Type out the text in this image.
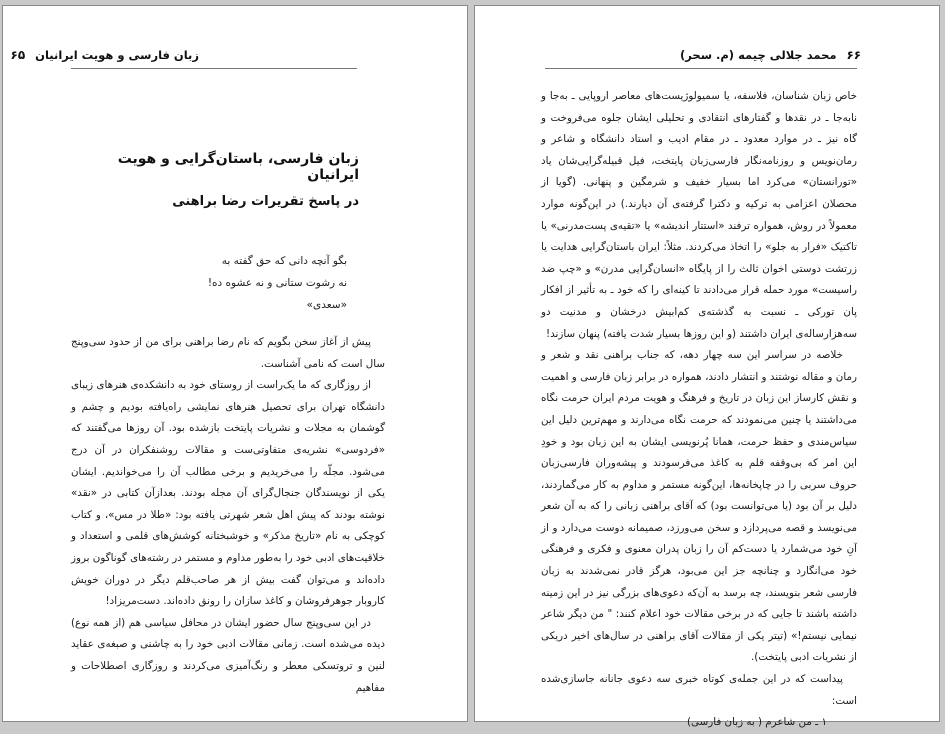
زبان فارسی و هویت ایرانیان
۶۵
زبان فارسی، باستان‌گرایی و هویت ایرانیان
در پاسخ تقریرات رضا براهنی
بگو آنچه دانی که حق گفته به
نه رشوت ستانی و نه عشوه ده!
«سعدی»

پیش از آغاز سخن بگویم که نام رضا براهنی برای من از حدود سی‌وپنج سال است که نامی آشناست.

از روزگاری که ما یک‌راست از روستای خود به دانشکده‌ی هنرهای زیبای دانشگاه تهران برای تحصیل هنرهای نمایشی راه‌یافته بودیم و چشم و گوشمان به مجلات و نشریات پایتخت بازشده بود. آن روزها می‌گفتند که «فردوسی» نشریه‌ی متفاوتی‌ست و مقالات روشنفکران در آن درج می‌شود. مجلّه را می‌خریدیم و برخی مطالب آن را می‌خواندیم. ایشان یکی از نویسندگان جنجال‌گرای آن مجله بودند. بعدازآن کتابی در «نقد» نوشته بودند که پیش اهل شعر شهرتی یافته بود: «طلا در مس»، و کتاب کوچکی به نام «تاریخ مذکر» و خوشبختانه کوشش‌های قلمی و استعداد و خلاقیت‌های ادبی خود را به‌طور مداوم و مستمر در رشته‌های گوناگون بروز داده‌اند و می‌توان گفت بیش از هر صاحب‌قلم دیگر در دوران خویش کاروبار جوهرفروشان و کاغذ سازان را رونق داده‌اند. دست‌مریزاد!

در این سی‌وپنج سال حضور ایشان در محافل سیاسی هم (از همه نوع) دیده می‌شده است. زمانی مقالات ادبی خود را به چاشنی و صبغه‌ی عقاید لنین و تروتسکی معطر و رنگ‌آمیزی می‌کردند و روزگاری اصطلاحات و مفاهیم

۶۶
محمد جلالی چیمه (م. سحر)

خاص زبان شناسان، فلاسفه، یا سمیولوژیست‌های معاصر اروپایی ـ به‌جا و نابه‌جا ـ در نقدها و گفتارهای انتقادی و تحلیلی ایشان جلوه می‌فروخت و گاه نیز ـ در موارد معدود ـ در مقام ادیب و استاد دانشگاه و شاعر و رمان‌نویس و روزنامه‌نگار فارسی‌زبان پایتخت، فیل قبیله‌گرایی‌شان یاد «تورانستان» می‌کرد اما بسیار خفیف و شرمگین و پنهانی. (گویا از محصلان اعزامی به ترکیه و دکترا گرفته‌ی آن دیارند.) در این‌گونه موارد معمولاً در روش، همواره ترفند «استتار اندیشه» یا «تقیه‌ی پست‌مدرنی» یا تاکتیک «فرار به جلو» را اتخاذ می‌کردند. مثلاً: ایران باستان‌گرایی هدایت یا زرتشت دوستی اخوان ثالث را از پایگاه «انسان‌گرایی مدرن» و «چپ ضد راسیست» مورد حمله قرار می‌دادند تا کینه‌ای را که خود ـ به تأثیر از افکار پان تورکی ـ نسبت به گذشته‌ی کم‌ابیش درخشان و مدنیت دو سه‌هزارساله‌ی ایران داشتند (و این روزها بسیار شدت یافته) پنهان سازند!

خلاصه در سراسر این سه چهار دهه، که جناب براهنی نقد و شعر و رمان و مقاله نوشتند و انتشار دادند، همواره در برابر زبان فارسی و اهمیت و نقش کارساز این زبان در تاریخ و فرهنگ و هویت مردم ایران حرمت نگاه می‌داشتند یا چنین می‌نمودند که حرمت نگاه می‌دارند و مهم‌ترین دلیل این سیاس‌مندی و حفظ حرمت، همانا پُرنویسی ایشان به این زبان بود و خودِ این امر که بی‌وقفه قلم به کاغذ می‌فرسودند و پیشه‌وران فارسی‌زبان حروف سربی را در چاپخانه‌ها، این‌گونه مستمر و مداوم به کار می‌گماردند، دلیل بر آن بود (یا می‌توانست بود) که آقای براهنی زبانی را که به آن شعر می‌نویسد و قصه می‌پردازد و سخن می‌ورزد، صمیمانه دوست می‌دارد و از آنِ خود می‌شمارد یا دست‌کم آن را زبان پدران معنوی و فکری و فرهنگی خود می‌انگارد و چنانچه جز این می‌بود، هرگز قادر نمی‌شدند به زبان فارسی شعر بنویسند، چه برسد به آن‌که دعوی‌های بزرگی نیز در این زمینه داشته باشند تا جایی که در برخی مقالات خود اعلام کنند: " من دیگر شاعر نیمایی نیستم!» (تیتر یکی از مقالات آقای براهنی در سال‌های اخیر دریکی از نشریات ادبی پایتخت).

پیداست که در این جمله‌ی کوتاه خبری سه دعوی جانانه جاسازی‌شده است:

۱ ـ من شاعرم ( به زبان فارسی)
